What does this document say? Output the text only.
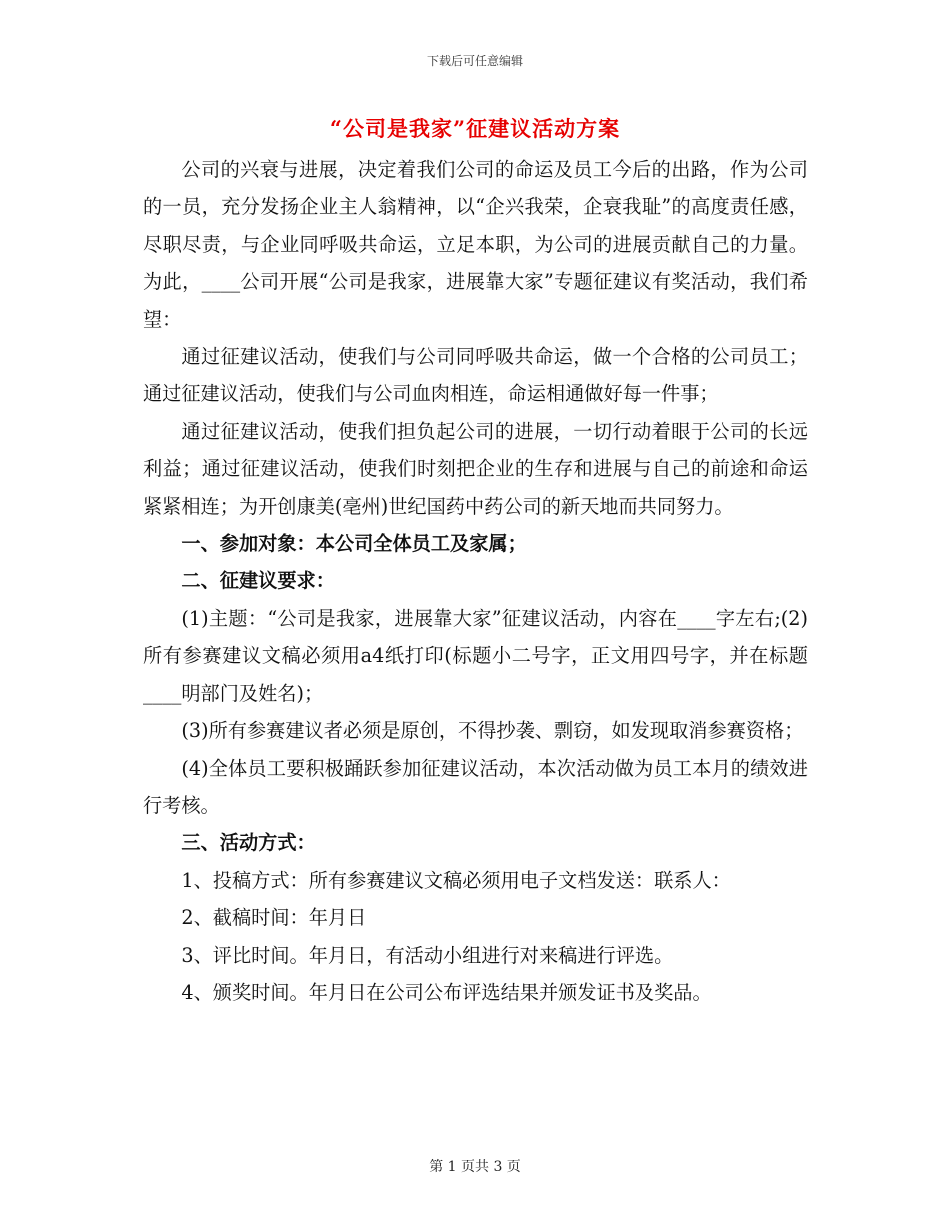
下载后可任意编辑
“公司是我家”征建议活动方案

公司的兴衰与进展，决定着我们公司的命运及员工今后的出路，作为公司的一员，充分发扬企业主人翁精神，以“企兴我荣，企衰我耻”的高度责任感，尽职尽责，与企业同呼吸共命运，立足本职，为公司的进展贡献自己的力量。为此，____公司开展“公司是我家，进展靠大家”专题征建议有奖活动，我们希望：

通过征建议活动，使我们与公司同呼吸共命运，做一个合格的公司员工；通过征建议活动，使我们与公司血肉相连，命运相通做好每一件事；

通过征建议活动，使我们担负起公司的进展，一切行动着眼于公司的长远利益；通过征建议活动，使我们时刻把企业的生存和进展与自己的前途和命运紧紧相连；为开创康美(亳州)世纪国药中药公司的新天地而共同努力。

一、参加对象：本公司全体员工及家属；

二、征建议要求：

(1)主题：“公司是我家，进展靠大家”征建议活动，内容在____字左右;(2)所有参赛建议文稿必须用a4纸打印(标题小二号字，正文用四号字，并在标题____明部门及姓名)；

(3)所有参赛建议者必须是原创，不得抄袭、剽窃，如发现取消参赛资格；

(4)全体员工要积极踊跃参加征建议活动，本次活动做为员工本月的绩效进行考核。

三、活动方式：

1、投稿方式：所有参赛建议文稿必须用电子文档发送：联系人：

2、截稿时间：年月日

3、评比时间。年月日，有活动小组进行对来稿进行评选。

4、颁奖时间。年月日在公司公布评选结果并颁发证书及奖品。

第 1 页共 3 页
